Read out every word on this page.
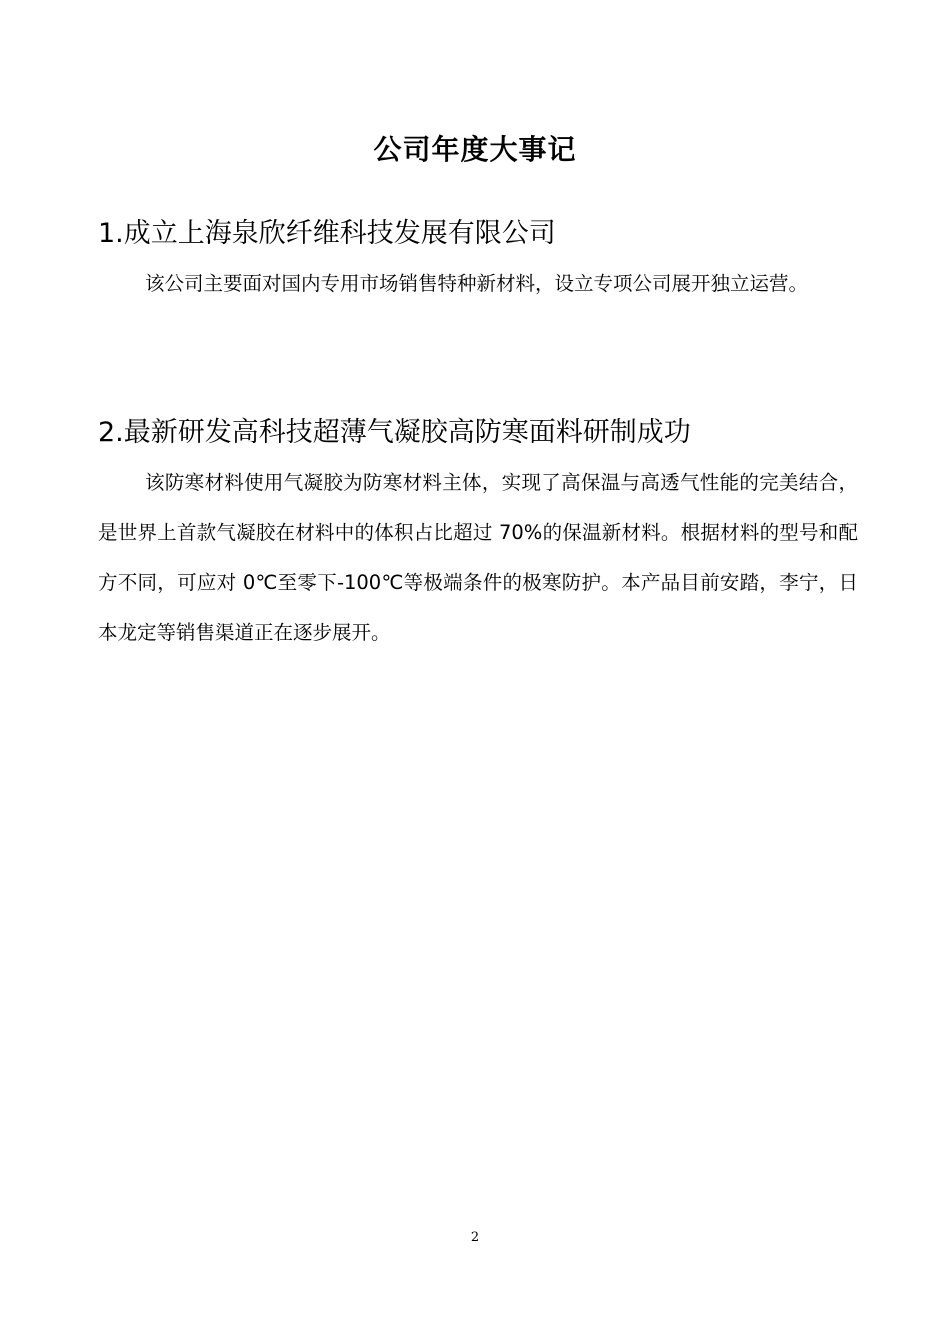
公司年度大事记
1.成立上海泉欣纤维科技发展有限公司
该公司主要面对国内专用市场销售特种新材料，设立专项公司展开独立运营。
2.最新研发高科技超薄气凝胶高防寒面料研制成功
该防寒材料使用气凝胶为防寒材料主体，实现了高保温与高透气性能的完美结合，是世界上首款气凝胶在材料中的体积占比超过 70%的保温新材料。根据材料的型号和配方不同，可应对 0℃至零下-100℃等极端条件的极寒防护。本产品目前安踏，李宁，日本龙定等销售渠道正在逐步展开。
2
